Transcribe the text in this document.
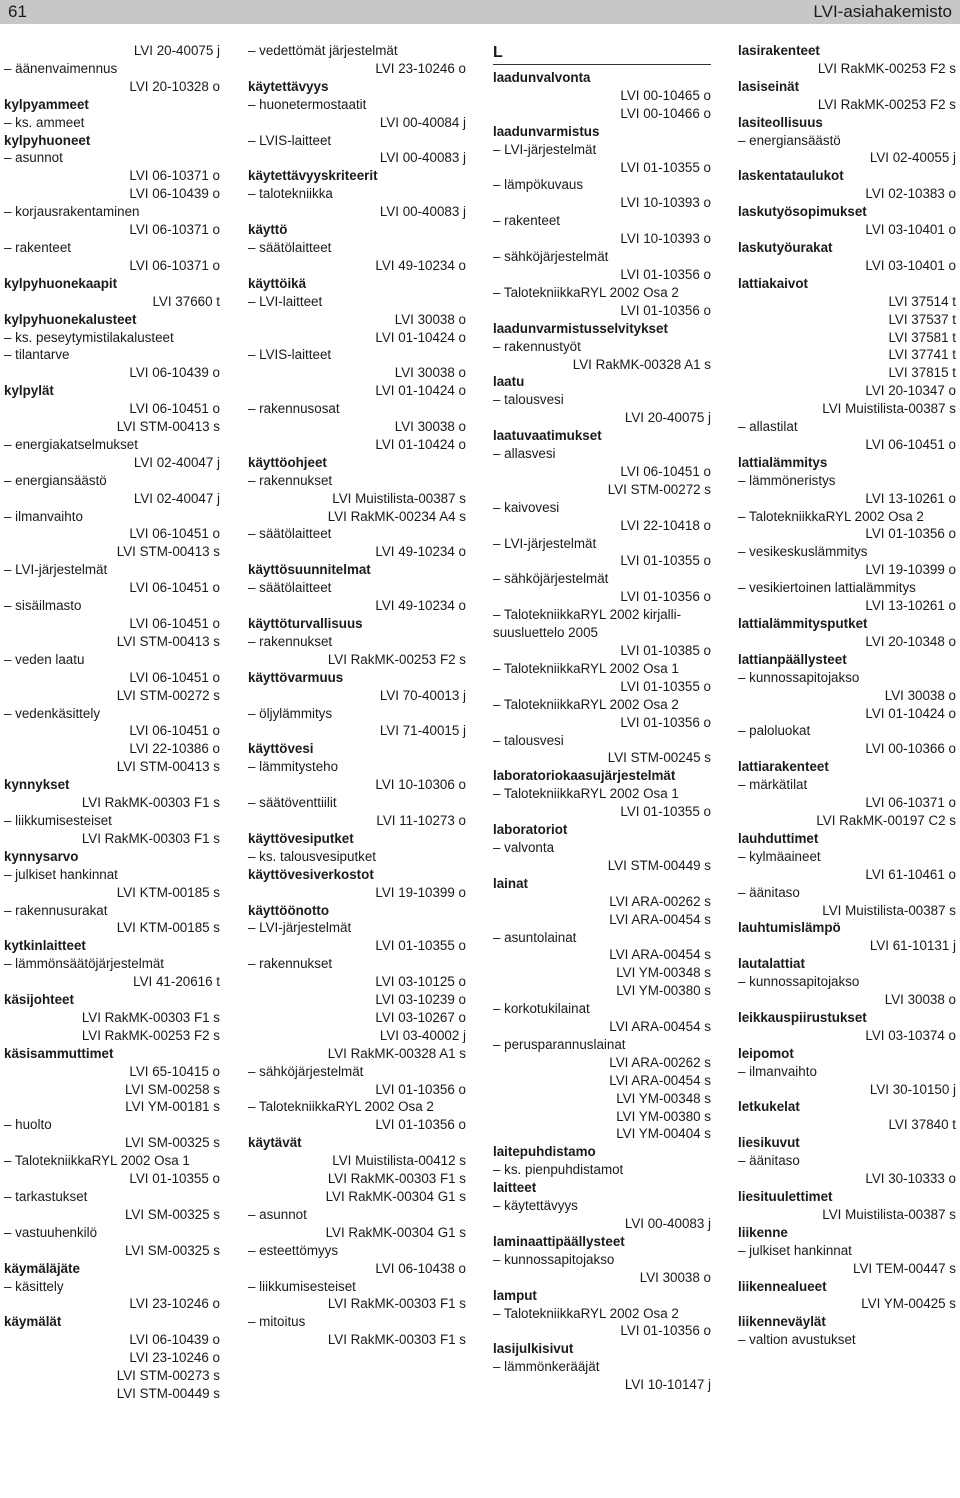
61	LVI-asiahakemisto
LVI 20-40075 j
– äänenvaimennus
LVI 20-10328 o
kylpyammeet
– ks. ammeet
kylpyhuoneet
– asunnot
LVI 06-10371 o
LVI 06-10439 o
– korjausrakentaminen
LVI 06-10371 o
– rakenteet
LVI 06-10371 o
kylpyhuonekaapit
LVI 37660 t
kylpyhuonekalusteet
– ks. peseytymistilakalusteet
– tilantarve
LVI 06-10439 o
kylpylät
LVI 06-10451 o
LVI STM-00413 s
– energiakatselmukset
LVI 02-40047 j
– energiansäästö
LVI 02-40047 j
– ilmanvaihto
LVI 06-10451 o
LVI STM-00413 s
– LVI-järjestelmät
LVI 06-10451 o
– sisäilmasto
LVI 06-10451 o
LVI STM-00413 s
– veden laatu
LVI 06-10451 o
LVI STM-00272 s
– vedenkäsittely
LVI 06-10451 o
LVI 22-10386 o
LVI STM-00413 s
kynnykset
LVI RakMK-00303 F1 s
– liikkumisesteiset
LVI RakMK-00303 F1 s
kynnysarvo
– julkiset hankinnat
LVI KTM-00185 s
– rakennusurakat
LVI KTM-00185 s
kytkinlaitteet
– lämmönsäätöjärjestelmät
LVI 41-20616 t
käsijohteet
LVI RakMK-00303 F1 s
LVI RakMK-00253 F2 s
käsisammuttimet
LVI 65-10415 o
LVI SM-00258 s
LVI YM-00181 s
– huolto
LVI SM-00325 s
– TalotekniikkaRYL 2002 Osa 1
LVI 01-10355 o
– tarkastukset
LVI SM-00325 s
– vastuuhenkilö
LVI SM-00325 s
käymäläjäte
– käsittely
LVI 23-10246 o
käymälät
LVI 06-10439 o
LVI 23-10246 o
LVI STM-00273 s
LVI STM-00449 s
– vedettömät järjestelmät
LVI 23-10246 o
käytettävyys
– huonetermostaatit
LVI 00-40084 j
– LVIS-laitteet
LVI 00-40083 j
käytettävyyskriteerit
– talotekniikka
LVI 00-40083 j
käyttö
– säätölaitteet
LVI 49-10234 o
käyttöikä
– LVI-laitteet
LVI 30038 o
LVI 01-10424 o
– LVIS-laitteet
LVI 30038 o
LVI 01-10424 o
– rakennusosat
LVI 30038 o
LVI 01-10424 o
käyttöohjeet
– rakennukset
LVI Muistilista-00387 s
LVI RakMK-00234 A4 s
– säätölaitteet
LVI 49-10234 o
käyttösuunnitelmat
– säätölaitteet
LVI 49-10234 o
käyttöturvallisuus
– rakennukset
LVI RakMK-00253 F2 s
käyttövarmuus
LVI 70-40013 j
– öljylämmitys
LVI 71-40015 j
käyttövesi
– lämmitysteho
LVI 10-10306 o
– säätöventtiilit
LVI 11-10273 o
käyttövesiputket
– ks. talousvesiputket
käyttövesiverkostot
LVI 19-10399 o
käyttöönotto
– LVI-järjestelmät
LVI 01-10355 o
– rakennukset
LVI 03-10125 o
LVI 03-10239 o
LVI 03-10267 o
LVI 03-40002 j
LVI RakMK-00328 A1 s
– sähköjärjestelmät
LVI 01-10356 o
– TalotekniikkaRYL 2002 Osa 2
LVI 01-10356 o
käytävät
LVI Muistilista-00412 s
LVI RakMK-00303 F1 s
LVI RakMK-00304 G1 s
– asunnot
LVI RakMK-00304 G1 s
– esteettömyys
LVI 06-10438 o
– liikkumisesteiset
LVI RakMK-00303 F1 s
– mitoitus
LVI RakMK-00303 F1 s
L
laadunvalvonta
LVI 00-10465 o
LVI 00-10466 o
laadunvarmistus
– LVI-järjestelmät
LVI 01-10355 o
– lämpökuvaus
LVI 10-10393 o
– rakenteet
LVI 10-10393 o
– sähköjärjestelmät
LVI 01-10356 o
– TalotekniikkaRYL 2002 Osa 2
LVI 01-10356 o
laadunvarmistusselvitykset
– rakennustyöt
LVI RakMK-00328 A1 s
laatu
– talousvesi
LVI 20-40075 j
laatuvaatimukset
– allasvesi
LVI 06-10451 o
LVI STM-00272 s
– kaivovesi
LVI 22-10418 o
– LVI-järjestelmät
LVI 01-10355 o
– sähköjärjestelmät
LVI 01-10356 o
– TalotekniikkaRYL 2002 kirjalli-
suusluettelo 2005
LVI 01-10385 o
– TalotekniikkaRYL 2002 Osa 1
LVI 01-10355 o
– TalotekniikkaRYL 2002 Osa 2
LVI 01-10356 o
– talousvesi
LVI STM-00245 s
laboratoriokaasujärjestelmät
– TalotekniikkaRYL 2002 Osa 1
LVI 01-10355 o
laboratoriot
– valvonta
LVI STM-00449 s
lainat
LVI ARA-00262 s
LVI ARA-00454 s
– asuntolainat
LVI ARA-00454 s
LVI YM-00348 s
LVI YM-00380 s
– korkotukilainat
LVI ARA-00454 s
– perusparannuslainat
LVI ARA-00262 s
LVI ARA-00454 s
LVI YM-00348 s
LVI YM-00380 s
LVI YM-00404 s
laitepuhdistamo
– ks. pienpuhdistamot
laitteet
– käytettävyys
LVI 00-40083 j
laminaattipäällysteet
– kunnossapitojakso
LVI 30038 o
lamput
– TalotekniikkaRYL 2002 Osa 2
LVI 01-10356 o
lasijulkisivut
– lämmönkerääjät
LVI 10-10147 j
lasirakenteet
LVI RakMK-00253 F2 s
lasiseinät
LVI RakMK-00253 F2 s
lasiteollisuus
– energiansäästö
LVI 02-40055 j
laskentataulukot
LVI 02-10383 o
laskutyösopimukset
LVI 03-10401 o
laskutyöurakat
LVI 03-10401 o
lattiakaivot
LVI 37514 t
LVI 37537 t
LVI 37581 t
LVI 37741 t
LVI 37815 t
LVI 20-10347 o
LVI Muistilista-00387 s
– allastilat
LVI 06-10451 o
lattialämmitys
– lämmöneristys
LVI 13-10261 o
– TalotekniikkaRYL 2002 Osa 2
LVI 01-10356 o
– vesikeskuslämmitys
LVI 19-10399 o
– vesikiertoinen lattialämmitys
LVI 13-10261 o
lattialämmitysputket
LVI 20-10348 o
lattianpäällysteet
– kunnossapitojakso
LVI 30038 o
LVI 01-10424 o
– paloluokat
LVI 00-10366 o
lattiarakenteet
– märkätilat
LVI 06-10371 o
LVI RakMK-00197 C2 s
lauhduttimet
– kylmäaineet
LVI 61-10461 o
– äänitaso
LVI Muistilista-00387 s
lauhtumislämpö
LVI 61-10131 j
lautalattiat
– kunnossapitojakso
LVI 30038 o
leikkauspiirustukset
LVI 03-10374 o
leipomot
– ilmanvaihto
LVI 30-10150 j
letkukelat
LVI 37840 t
liesikuvut
– äänitaso
LVI 30-10333 o
liesituulettimet
LVI Muistilista-00387 s
liikenne
– julkiset hankinnat
LVI TEM-00447 s
liikennealueet
LVI YM-00425 s
liikenneväylät
– valtion avustukset
